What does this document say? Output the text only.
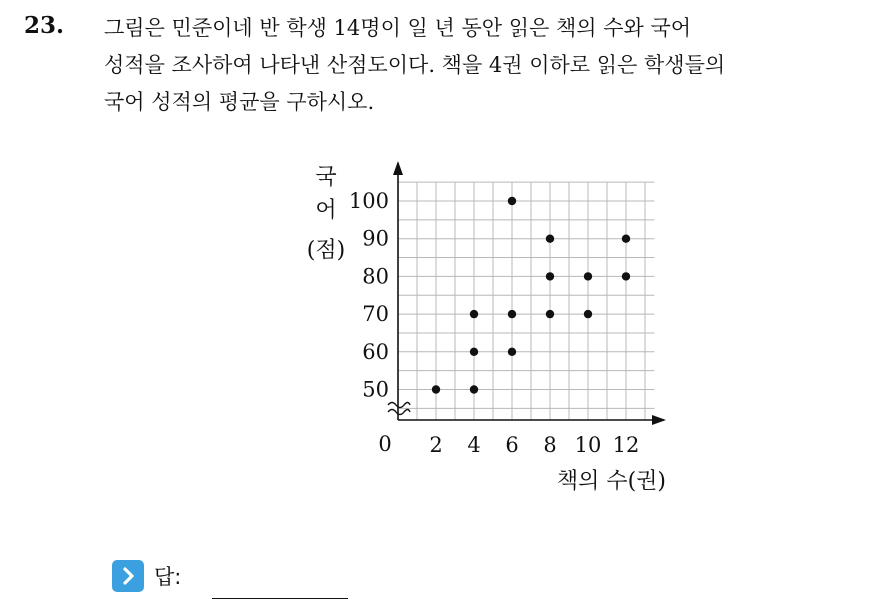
23. 그림은 민준이네 반 학생 14명이 일 년 동안 읽은 책의 수와 국어
성적을 조사하여 나타낸 산점도이다. 책을 4권 이하로 읽은 학생들의
국어 성적의 평균을 구하시오.
2 4 6 8 10 12
50
60
70
80
90
100
국
어
(점)
책의 수(권)
0
답:
